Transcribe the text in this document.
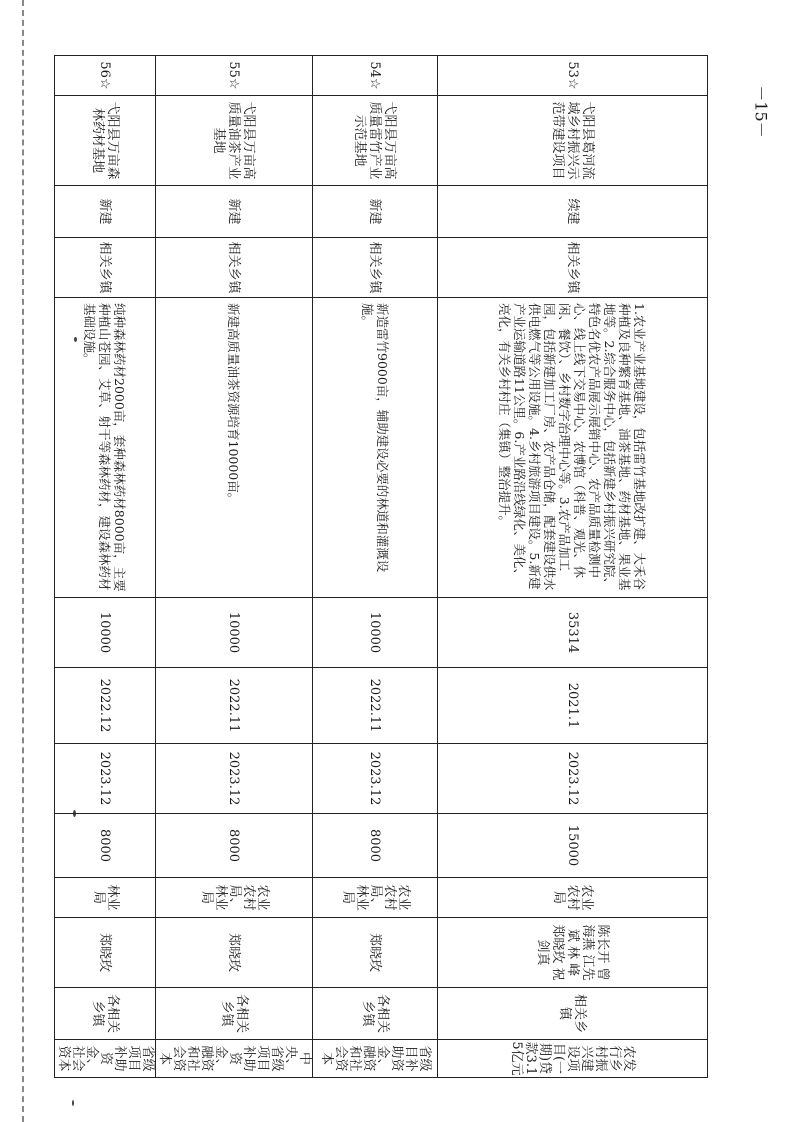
－15－
53☆	弋阳县葛河流域乡村振兴示范带建设项目	续建	相关乡镇	1.农业产业基地建设，包括雷竹基地改扩建、大禾谷种植及良种繁育基地、油茶基地、药材基地、果业基地等。2.综合服务中心，包括新建乡村振兴研究院、特色名优农产品展示展销中心、农产品质量检测中心、线上线下交易中心、农博馆（科普、观光、休闲、餐饮）、乡村数字治理中心等。3.农产品加工园，包括新建加工厂房、农产品仓储，配套建设供水供电燃气等公用设施。4.乡村旅游项目建设。5.新建产业运输道路11公里。6.产业路沿线绿化、美化、亮化，有关乡村村庄（集镇）整治提升。	35314	2021.1	2023.12	15000	农业农村局	陈长开 曾海燕 江先斌 林 峰 郑晓玫 祝剑真	相关乡镇	农发行乡村振兴建设项目(一期)贷款3.15亿元
54☆	弋阳县万亩高质量雷竹产业示范基地	新建	相关乡镇	新造雷竹9000亩，辅助建设必要的林道和灌溉设施。	10000	2022.11	2023.12	8000	农业农村局、林业局	郑晓玫	各相关乡镇	省级目补助资金、融资和社会资本
55☆	弋阳县万亩高质量油茶产业基地	新建	相关乡镇	新建高质量油茶资源培育10000亩。	10000	2022.11	2023.12	8000	农业农村局、林业局	郑晓玫	各相关乡镇	中央、省级项目补助资金、融资和社会资本
56☆	弋阳县万亩森林药材基地	新建	相关乡镇	纯种森林药材2000亩，套种森林药材8000亩，主要种植山苍园、艾草、射干等森林药材，建设森林药材基础设施。	10000	2022.12	2023.12	8000	林业局	郑晓玫	各相关乡镇	省级项目补助资金、社会资本
